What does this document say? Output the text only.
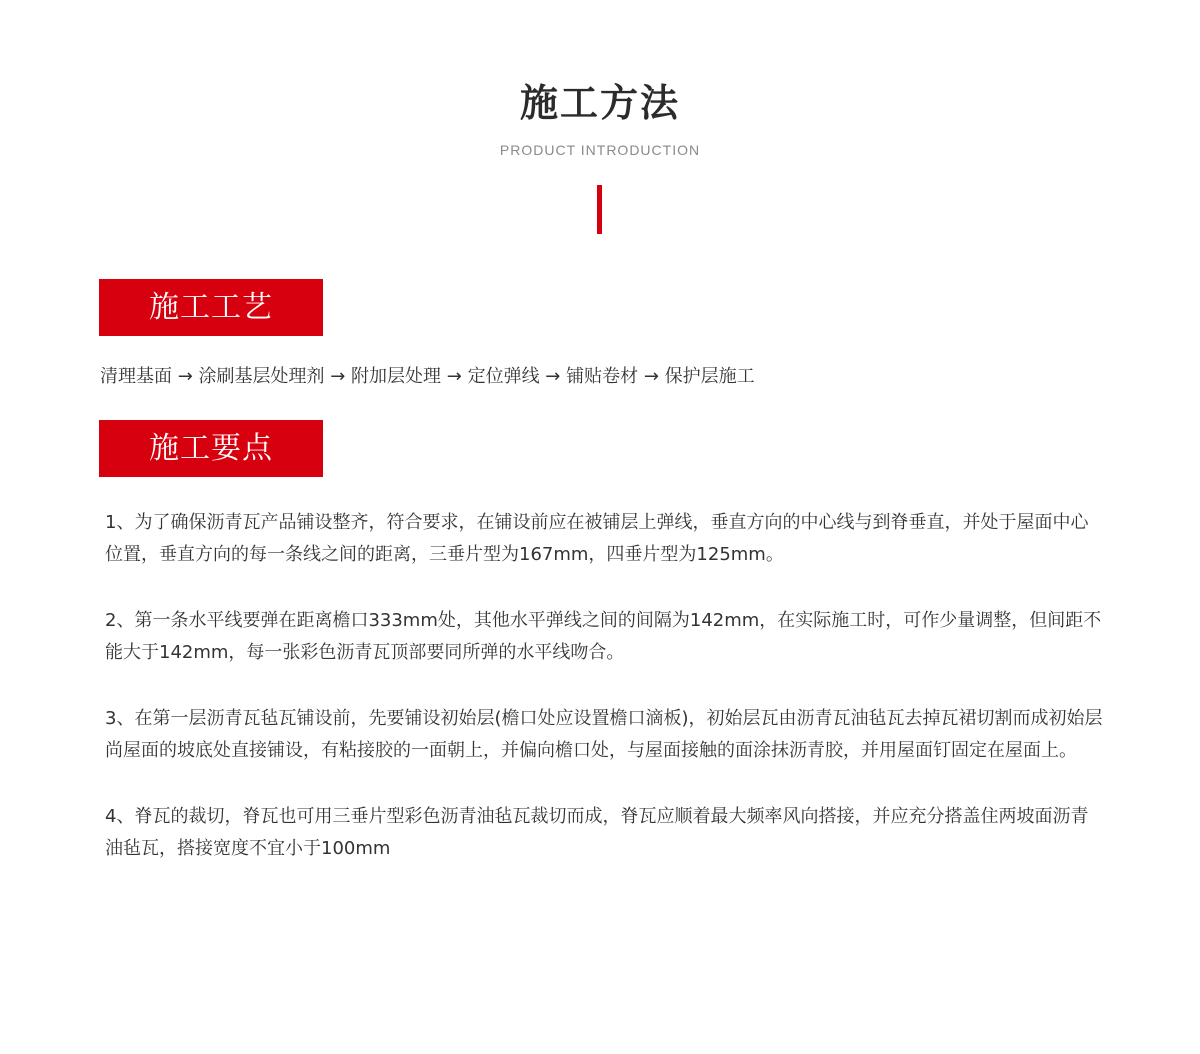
施工方法
PRODUCT INTRODUCTION
施工工艺
清理基面 → 涂刷基层处理剂 → 附加层处理 → 定位弹线 → 铺贴卷材 → 保护层施工
施工要点

1、为了确保沥青瓦产品铺设整齐，符合要求，在铺设前应在被铺层上弹线，垂直方向的中心线与到脊垂直，并处于屋面中心位置，垂直方向的每一条线之间的距离，三垂片型为167mm，四垂片型为125mm。

2、第一条水平线要弹在距离檐口333mm处，其他水平弹线之间的间隔为142mm，在实际施工时，可作少量调整，但间距不能大于142mm，每一张彩色沥青瓦顶部要同所弹的水平线吻合。

3、在第一层沥青瓦毡瓦铺设前，先要铺设初始层(檐口处应设置檐口滴板)，初始层瓦由沥青瓦油毡瓦去掉瓦裙切割而成初始层尚屋面的坡底处直接铺设，有粘接胶的一面朝上，并偏向檐口处，与屋面接触的面涂抹沥青胶，并用屋面钉固定在屋面上。

4、脊瓦的裁切，脊瓦也可用三垂片型彩色沥青油毡瓦裁切而成，脊瓦应顺着最大频率风向搭接，并应充分搭盖住两坡面沥青油毡瓦，搭接宽度不宜小于100mm
